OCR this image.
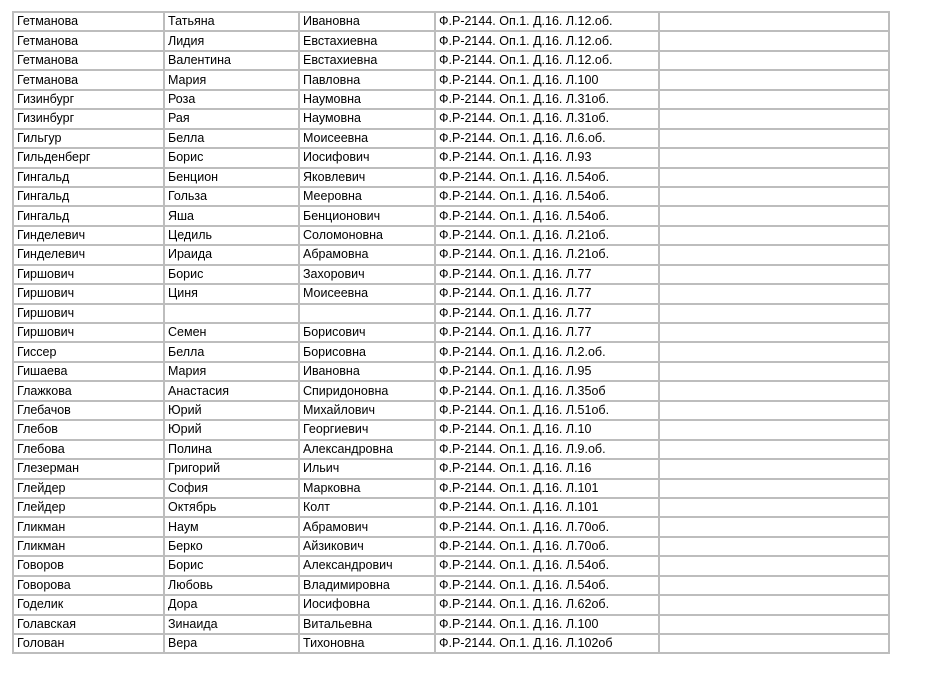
Гетманова	Татьяна	Ивановна	Ф.Р-2144. Оп.1. Д.16. Л.12.об.	
Гетманова	Лидия	Евстахиевна	Ф.Р-2144. Оп.1. Д.16. Л.12.об.	
Гетманова	Валентина	Евстахиевна	Ф.Р-2144. Оп.1. Д.16. Л.12.об.	
Гетманова	Мария	Павловна	Ф.Р-2144. Оп.1. Д.16. Л.100	
Гизинбург	Роза	Наумовна	Ф.Р-2144. Оп.1. Д.16. Л.31об.	
Гизинбург	Рая	Наумовна	Ф.Р-2144. Оп.1. Д.16. Л.31об.	
Гильгур	Белла	Моисеевна	Ф.Р-2144. Оп.1. Д.16. Л.6.об.	
Гильденберг	Борис	Иосифович	Ф.Р-2144. Оп.1. Д.16. Л.93	
Гингальд	Бенцион	Яковлевич	Ф.Р-2144. Оп.1. Д.16. Л.54об.	
Гингальд	Гольза	Мееровна	Ф.Р-2144. Оп.1. Д.16. Л.54об.	
Гингальд	Яша	Бенционович	Ф.Р-2144. Оп.1. Д.16. Л.54об.	
Гинделевич	Цедиль	Соломоновна	Ф.Р-2144. Оп.1. Д.16. Л.21об.	
Гинделевич	Ираида	Абрамовна	Ф.Р-2144. Оп.1. Д.16. Л.21об.	
Гиршович	Борис	Захорович	Ф.Р-2144. Оп.1. Д.16. Л.77	
Гиршович	Циня	Моисеевна	Ф.Р-2144. Оп.1. Д.16. Л.77	
Гиршович			Ф.Р-2144. Оп.1. Д.16. Л.77	
Гиршович	Семен	Борисович	Ф.Р-2144. Оп.1. Д.16. Л.77	
Гиссер	Белла	Борисовна	Ф.Р-2144. Оп.1. Д.16. Л.2.об.	
Гишаева	Мария	Ивановна	Ф.Р-2144. Оп.1. Д.16. Л.95	
Глажкова	Анастасия	Спиридоновна	Ф.Р-2144. Оп.1. Д.16. Л.35об	
Глебачов	Юрий	Михайлович	Ф.Р-2144. Оп.1. Д.16. Л.51об.	
Глебов	Юрий	Георгиевич	Ф.Р-2144. Оп.1. Д.16. Л.10	
Глебова	Полина	Александровна	Ф.Р-2144. Оп.1. Д.16. Л.9.об.	
Глезерман	Григорий	Ильич	Ф.Р-2144. Оп.1. Д.16. Л.16	
Глейдер	София	Марковна	Ф.Р-2144. Оп.1. Д.16. Л.101	
Глейдер	Октябрь	Колт	Ф.Р-2144. Оп.1. Д.16. Л.101	
Гликман	Наум	Абрамович	Ф.Р-2144. Оп.1. Д.16. Л.70об.	
Гликман	Берко	Айзикович	Ф.Р-2144. Оп.1. Д.16. Л.70об.	
Говоров	Борис	Александрович	Ф.Р-2144. Оп.1. Д.16. Л.54об.	
Говорова	Любовь	Владимировна	Ф.Р-2144. Оп.1. Д.16. Л.54об.	
Годелик	Дора	Иосифовна	Ф.Р-2144. Оп.1. Д.16. Л.62об.	
Голавская	Зинаида	Витальевна	Ф.Р-2144. Оп.1. Д.16. Л.100	
Голован	Вера	Тихоновна	Ф.Р-2144. Оп.1. Д.16. Л.102об	
